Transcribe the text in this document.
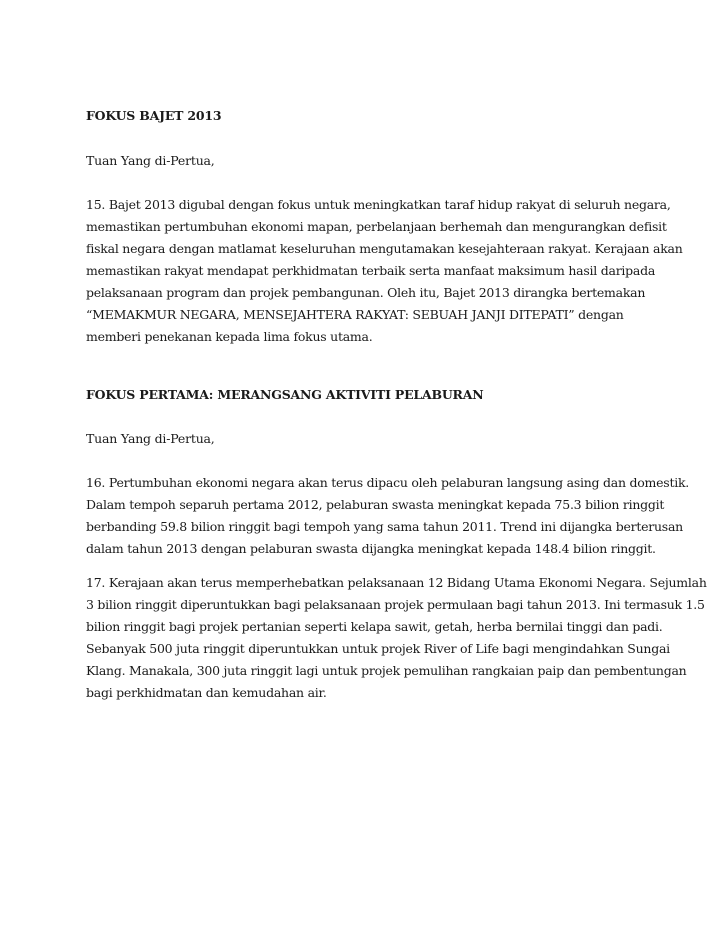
FOKUS BAJET 2013
Tuan Yang di-Pertua,
15. Bajet 2013 digubal dengan fokus untuk meningkatkan taraf hidup rakyat di seluruh negara,
memastikan pertumbuhan ekonomi mapan, perbelanjaan berhemah dan mengurangkan defisit
fiskal negara dengan matlamat keseluruhan mengutamakan kesejahteraan rakyat. Kerajaan akan
memastikan rakyat mendapat perkhidmatan terbaik serta manfaat maksimum hasil daripada
pelaksanaan program dan projek pembangunan. Oleh itu, Bajet 2013 dirangka bertemakan
“MEMAKMUR NEGARA, MENSEJAHTERA RAKYAT: SEBUAH JANJI DITEPATI” dengan
memberi penekanan kepada lima fokus utama.
FOKUS PERTAMA: MERANGSANG AKTIVITI PELABURAN
Tuan Yang di-Pertua,
16. Pertumbuhan ekonomi negara akan terus dipacu oleh pelaburan langsung asing dan domestik.
Dalam tempoh separuh pertama 2012, pelaburan swasta meningkat kepada 75.3 bilion ringgit
berbanding 59.8 bilion ringgit bagi tempoh yang sama tahun 2011. Trend ini dijangka berterusan
dalam tahun 2013 dengan pelaburan swasta dijangka meningkat kepada 148.4 bilion ringgit.
17. Kerajaan akan terus memperhebatkan pelaksanaan 12 Bidang Utama Ekonomi Negara. Sejumlah
3 bilion ringgit diperuntukkan bagi pelaksanaan projek permulaan bagi tahun 2013. Ini termasuk 1.5
bilion ringgit bagi projek pertanian seperti kelapa sawit, getah, herba bernilai tinggi dan padi.
Sebanyak 500 juta ringgit diperuntukkan untuk projek River of Life bagi mengindahkan Sungai
Klang. Manakala, 300 juta ringgit lagi untuk projek pemulihan rangkaian paip dan pembentungan
bagi perkhidmatan dan kemudahan air.
